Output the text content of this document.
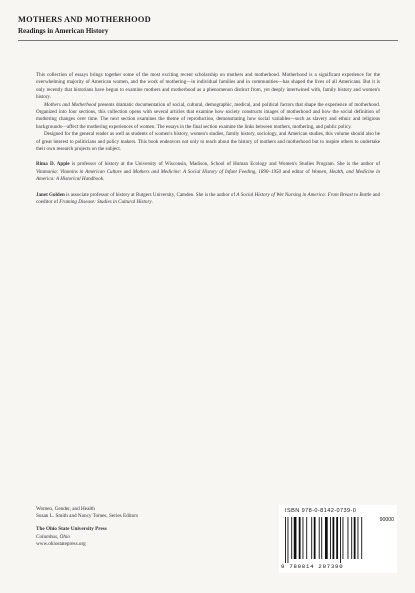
MOTHERS AND MOTHERHOOD
Readings in American History

This collection of essays brings together some of the most exciting recent scholarship on mothers and motherhood. Motherhood is a significant experience for the overwhelming majority of American women, and the work of mothering—in individual families and in communities—has shaped the lives of all Americans. But it is only recently that historians have begun to examine mothers and motherhood as a phenomenon distinct from, yet deeply intertwined with, family history and women's history.

Mothers and Motherhood presents dramatic documentation of social, cultural, demographic, medical, and political factors that shape the experience of motherhood. Organized into four sections, this collection opens with several articles that examine how society constructs images of motherhood and how the social definition of mothering changes over time. The next section examines the theme of reproduction, demonstrating how social variables—such as slavery and ethnic and religious backgrounds—affect the mothering experiences of women. The essays in the final section examine the links between mothers, mothering, and public policy.

Designed for the general reader as well as students of women's history, women's studies, family history, sociology, and American studies, this volume should also be of great interest to politicians and policy makers. This book endeavors not only to teach about the history of mothers and motherhood but to inspire others to undertake their own research projects on the subject.

Rima D. Apple is professor of history at the University of Wisconsin, Madison, School of Human Ecology and Women's Studies Program. She is the author of Vitamania: Vitamins in American Culture and Mothers and Medicine: A Social History of Infant Feeding, 1890–1950 and editor of Women, Health, and Medicine in America: A Historical Handbook.

Janet Golden is associate professor of history at Rutgers University, Camden. She is the author of A Social History of Wet Nursing in America: From Breast to Bottle and coeditor of Framing Disease: Studies in Cultural History.

Women, Gender, and Health
Susan L. Smith and Nancy Tomes, Series Editors
The Ohio State University Press
Columbus, Ohio
www.ohiostatepress.org
ISBN 978-0-8142-0739-0
90000
9 780814 207390
